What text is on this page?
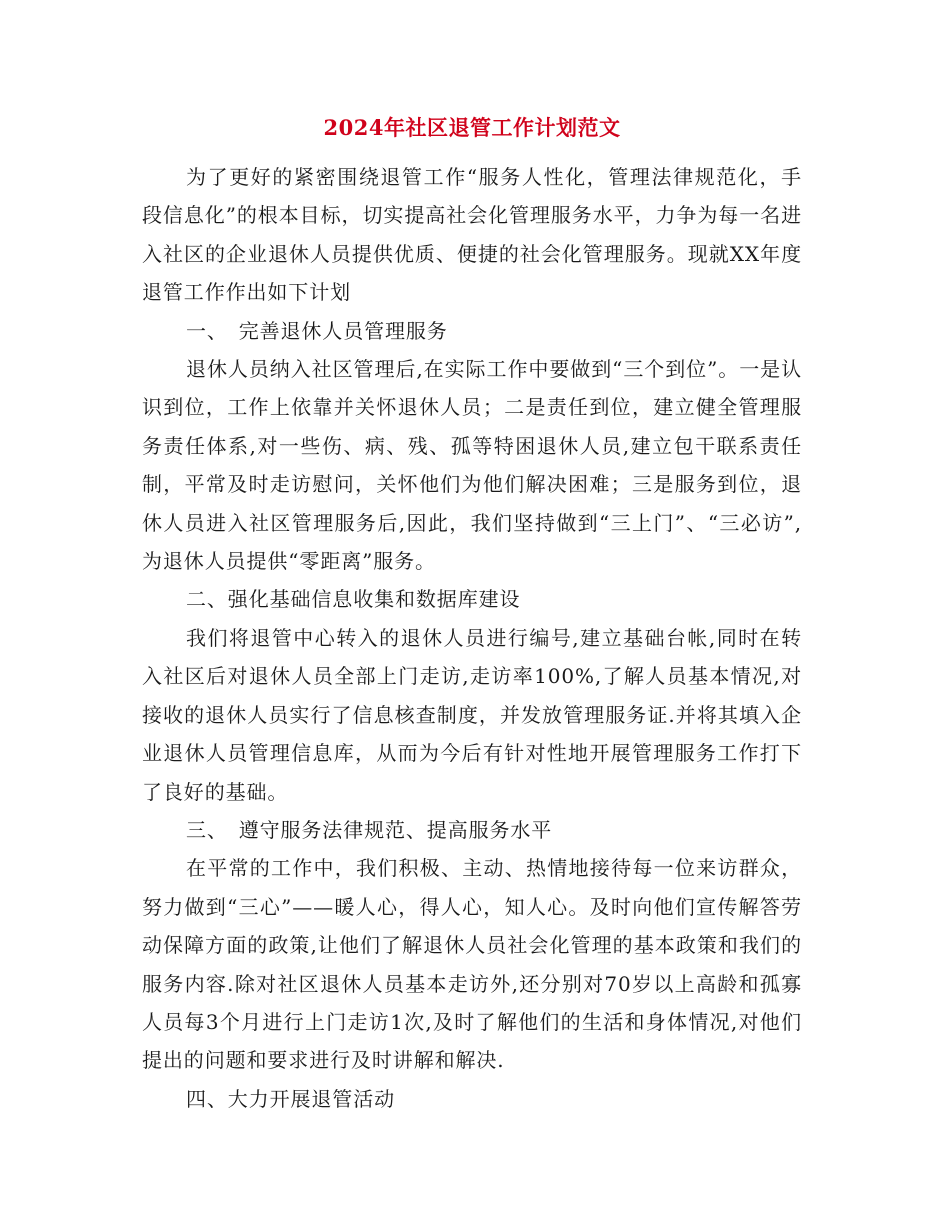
2024年社区退管工作计划范文

为了更好的紧密围绕退管工作“服务人性化，管理法律规范化，手段信息化”的根本目标，切实提高社会化管理服务水平，力争为每一名进入社区的企业退休人员提供优质、便捷的社会化管理服务。现就XX年度退管工作作出如下计划

一、　完善退休人员管理服务

退休人员纳入社区管理后,在实际工作中要做到“三个到位”。一是认识到位，工作上依靠并关怀退休人员；二是责任到位，建立健全管理服务责任体系,对一些伤、病、残、孤等特困退休人员,建立包干联系责任制，平常及时走访慰问，关怀他们为他们解决困难；三是服务到位，退休人员进入社区管理服务后,因此，我们坚持做到“三上门”、“三必访”,为退休人员提供“零距离”服务。

二、强化基础信息收集和数据库建设

我们将退管中心转入的退休人员进行编号,建立基础台帐,同时在转入社区后对退休人员全部上门走访,走访率100%,了解人员基本情况,对接收的退休人员实行了信息核查制度，并发放管理服务证.并将其填入企业退休人员管理信息库，从而为今后有针对性地开展管理服务工作打下了良好的基础。

三、　遵守服务法律规范、提高服务水平

在平常的工作中，我们积极、主动、热情地接待每一位来访群众，努力做到“三心”——暖人心，得人心，知人心。及时向他们宣传解答劳动保障方面的政策,让他们了解退休人员社会化管理的基本政策和我们的服务内容.除对社区退休人员基本走访外,还分别对70岁以上高龄和孤寡人员每3个月进行上门走访1次,及时了解他们的生活和身体情况,对他们提出的问题和要求进行及时讲解和解决.

四、大力开展退管活动
